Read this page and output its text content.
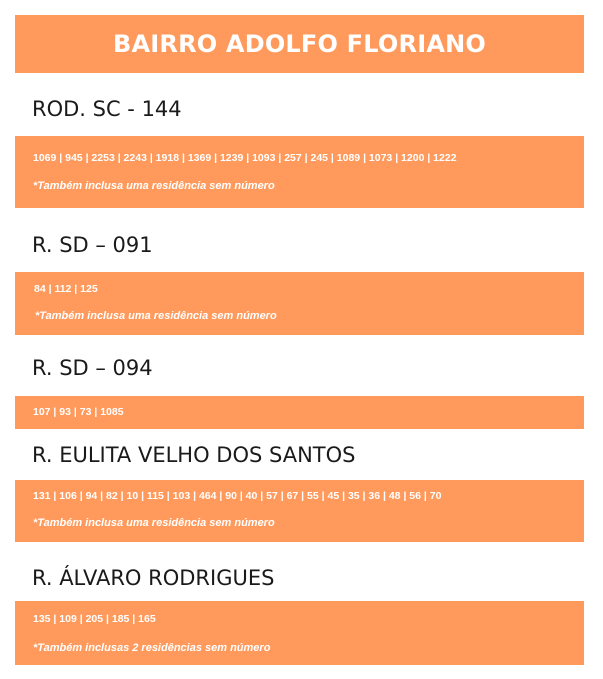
BAIRRO ADOLFO FLORIANO
ROD. SC - 144
1069 | 945 | 2253 | 2243 | 1918 | 1369 | 1239 | 1093 | 257 | 245 | 1089 | 1073 | 1200 | 1222
*Também inclusa uma residência sem número
R. SD – 091
84 | 112 | 125
*Também inclusa uma residência sem número
R. SD – 094
107 | 93 | 73 | 1085
R. EULITA VELHO DOS SANTOS
131 | 106 | 94 | 82 | 10 | 115 | 103 | 464 | 90 | 40 | 57 | 67 | 55 | 45 | 35 | 36 | 48 | 56 | 70
*Também inclusa uma residência sem número
R. ÁLVARO RODRIGUES
135 | 109 | 205 | 185 | 165
*Também inclusas 2 residências sem número
